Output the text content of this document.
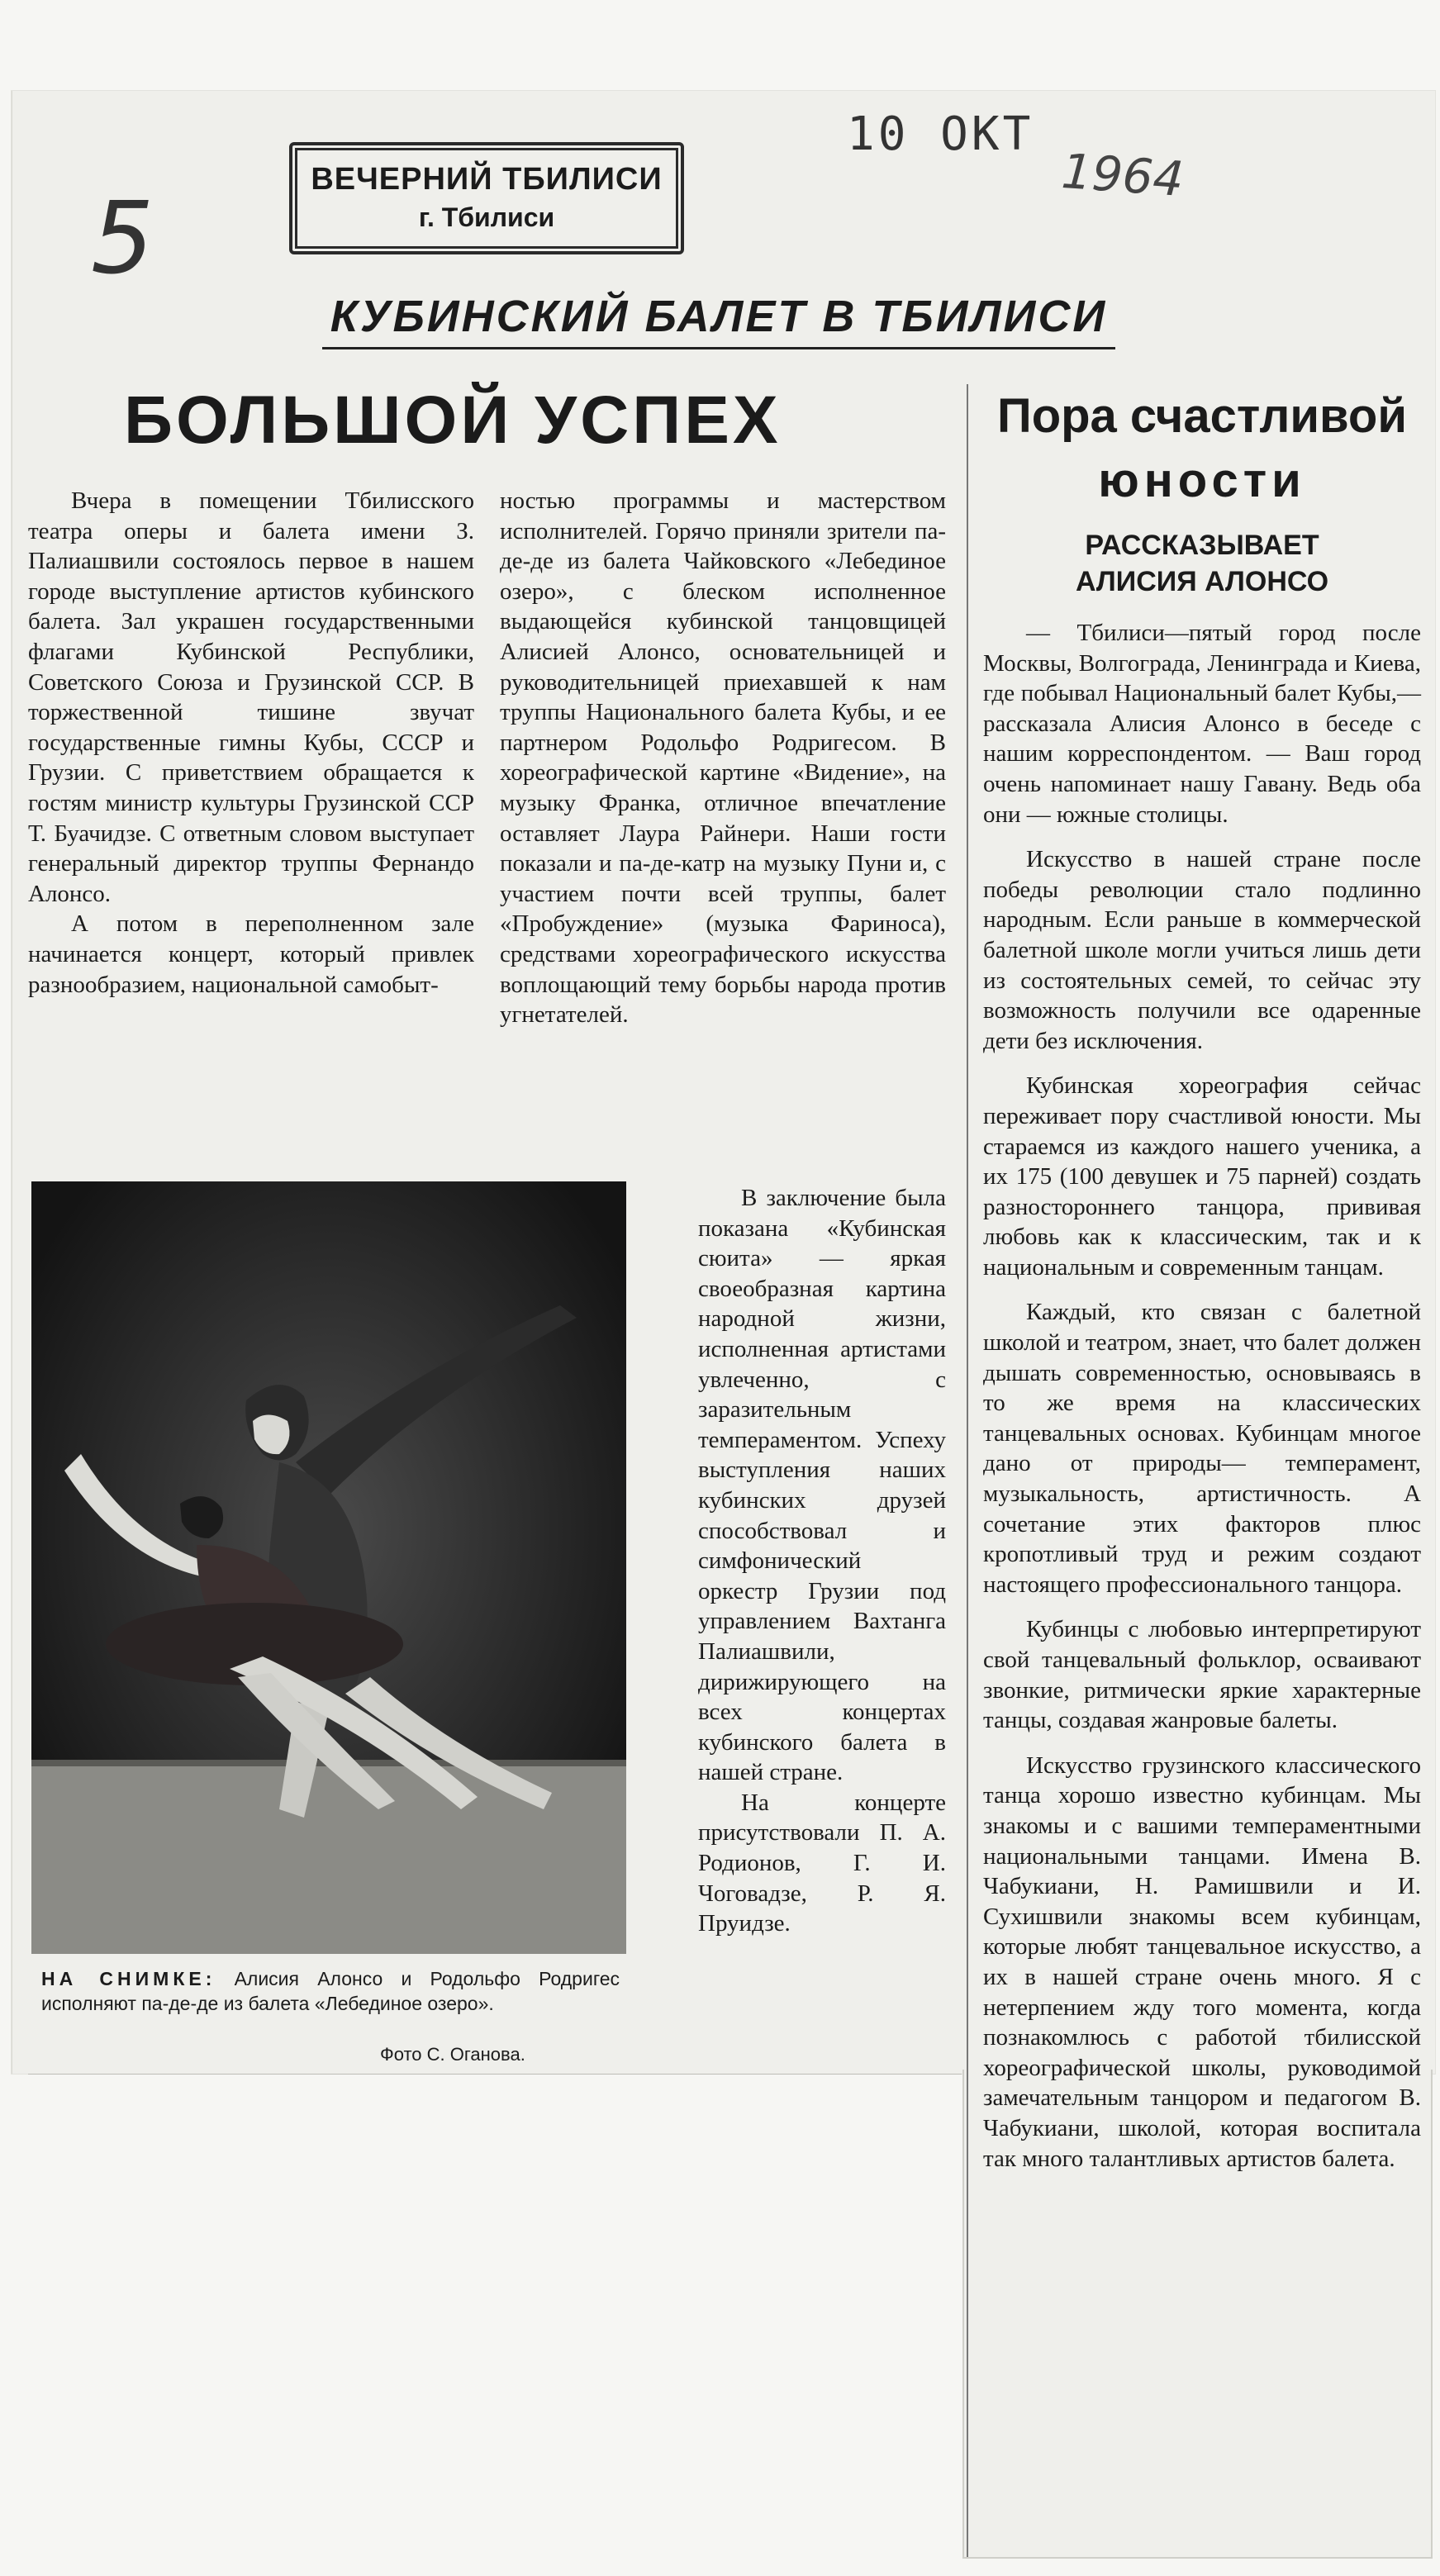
5
ВЕЧЕРНИЙ ТБИЛИСИ
г. Тбилиси
10 ОКТ
1964
КУБИНСКИЙ БАЛЕТ В ТБИЛИСИ
БОЛЬШОЙ УСПЕХ

Вчера в помещении Тбилисского театра оперы и балета имени З. Палиашвили состоялось первое в нашем городе выступление артистов кубинского балета. Зал украшен государственными флагами Кубинской Республики, Советского Союза и Грузинской ССР. В торжественной тишине звучат государственные гимны Кубы, СССР и Грузии. С приветствием обращается к гостям министр культуры Грузинской ССР Т. Буачидзе. С ответным словом выступает генеральный директор труппы Фернандо Алонсо.

А потом в переполненном зале начинается концерт, который привлек разнообразием, национальной самобыт-

ностью программы и мастерством исполнителей. Горячо приняли зрители па-де-де из балета Чайковского «Лебединое озеро», с блеском исполненное выдающейся кубинской танцовщицей Алисией Алонсо, основательницей и руководительницей приехавшей к нам труппы Национального балета Кубы, и ее партнером Родольфо Родригесом. В хореографической картине «Видение», на музыку Франка, отличное впечатление оставляет Лаура Райнери. Наши гости показали и па-де-катр на музыку Пуни и, с участием почти всей труппы, балет «Пробуждение» (музыка Фариноса), средствами хореографического искусства воплощающий тему борьбы народа против угнетателей.

В заключение была показана «Кубинская сюита» — яркая своеобразная картина народной жизни, исполненная артистами увлеченно, с заразительным темпераментом. Успеху выступления наших кубинских друзей способствовал и симфонический оркестр Грузии под управлением Вахтанга Палиашвили, дирижирующего на всех концертах кубинского балета в нашей стране.

На концерте присутствовали П. А. Родионов, Г. И. Чоговадзе, Р. Я. Пруидзе.

НА СНИМКЕ: Алисия Алонсо и Родольфо Родригес исполняют па-де-де из балета «Лебединое озеро».
Фото С. Оганова.
Пора счастливой
юности
РАССКАЗЫВАЕТ
АЛИСИЯ АЛОНСО

— Тбилиси—пятый город после Москвы, Волгограда, Ленинграда и Киева, где побывал Национальный балет Кубы,— рассказала Алисия Алонсо в беседе с нашим корреспондентом. — Ваш город очень напоминает нашу Гавану. Ведь оба они — южные столицы.

Искусство в нашей стране после победы революции стало подлинно народным. Если раньше в коммерческой балетной школе могли учиться лишь дети из состоятельных семей, то сейчас эту возможность получили все одаренные дети без исключения.

Кубинская хореография сейчас переживает пору счастливой юности. Мы стараемся из каждого нашего ученика, а их 175 (100 девушек и 75 парней) создать разностороннего танцора, прививая любовь как к классическим, так и к национальным и современным танцам.

Каждый, кто связан с балетной школой и театром, знает, что балет должен дышать современностью, основываясь в то же время на классических танцевальных основах. Кубинцам многое дано от природы— темперамент, музыкальность, артистичность. А сочетание этих факторов плюс кропотливый труд и режим создают настоящего профессионального танцора.

Кубинцы с любовью интерпретируют свой танцевальный фольклор, осваивают звонкие, ритмически яркие характерные танцы, создавая жанровые балеты.

Искусство грузинского классического танца хорошо известно кубинцам. Мы знакомы и с вашими темпераментными национальными танцами. Имена В. Чабукиани, Н. Рамишвили и И. Сухишвили знакомы всем кубинцам, которые любят танцевальное искусство, а их в нашей стране очень много. Я с нетерпением жду того момента, когда познакомлюсь с работой тбилисской хореографической школы, руководимой замечательным танцором и педагогом В. Чабукиани, школой, которая воспитала так много талантливых артистов балета.
